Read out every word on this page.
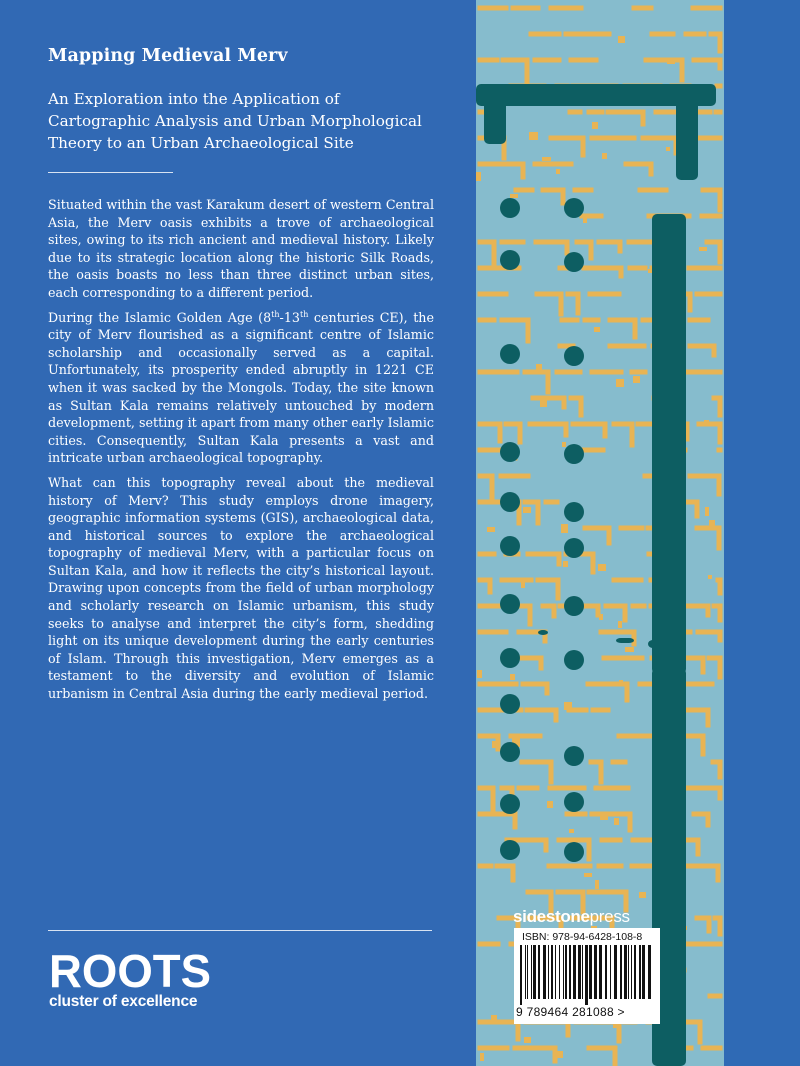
Mapping Medieval Merv
An Exploration into the Application of
Cartographic Analysis and Urban Morphological
Theory to an Urban Archaeological Site

Situated within the vast Karakum desert of western Central Asia, the Merv oasis exhibits a trove of archaeological sites, owing to its rich ancient and medieval history. Likely due to its strategic location along the historic Silk Roads, the oasis boasts no less than three distinct urban sites, each corresponding to a different period.

During the Islamic Golden Age (8th-13th centuries CE), the city of Merv flourished as a significant centre of Islamic scholarship and occasionally served as a capital. Unfortunately, its prosperity ended abruptly in 1221 CE when it was sacked by the Mongols. Today, the site known as Sultan Kala remains relatively untouched by modern development, setting it apart from many other early Islamic cities. Consequently, Sultan Kala presents a vast and intricate urban archaeological topography.

What can this topography reveal about the medieval history of Merv? This study employs drone imagery, geographic information systems (GIS), archaeological data, and historical sources to explore the archaeological topography of medieval Merv, with a particular focus on Sultan Kala, and how it reflects the city’s historical layout. Drawing upon concepts from the field of urban morphology and scholarly research on Islamic urbanism, this study seeks to analyse and interpret the city’s form, shedding light on its unique development during the early centuries of Islam. Through this investigation, Merv emerges as a testament to the diversity and evolution of Islamic urbanism in Central Asia during the early medieval period.

ROOTS
cluster of excellence
sidestonepress
ISBN: 978-94-6428-108-8
9 789464 281088 >
